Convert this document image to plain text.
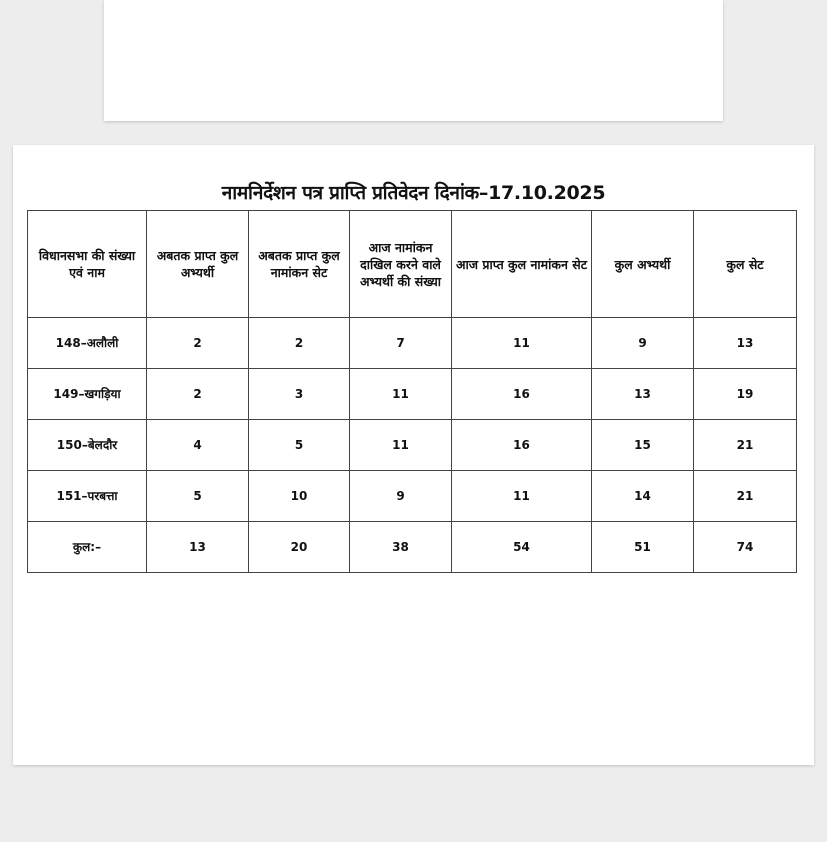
नामनिर्देशन पत्र प्राप्ति प्रतिवेदन दिनांक–17.10.2025
विधानसभा की संख्या एवं नाम	अबतक प्राप्त कुल अभ्यर्थी	अबतक प्राप्त कुल नामांकन सेट	आज नामांकन दाखिल करने वाले अभ्यर्थी की संख्या	आज प्राप्त कुल नामांकन सेट	कुल अभ्यर्थी	कुल सेट
148–अलौली	2	2	7	11	9	13
149–खगड़िया	2	3	11	16	13	19
150–बेलदौर	4	5	11	16	15	21
151–परबत्ता	5	10	9	11	14	21
कुल:–	13	20	38	54	51	74
